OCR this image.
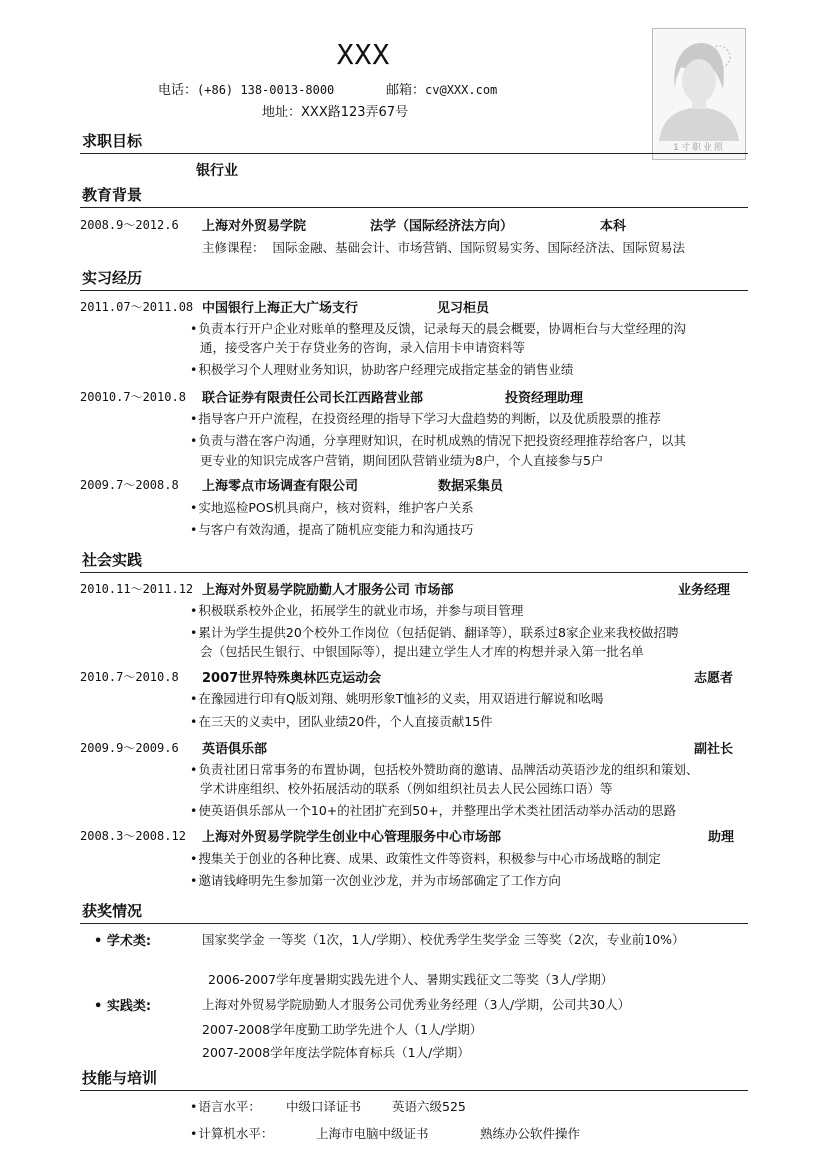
XXX
电话：(+86) 138-0013-8000	邮箱：cv@XXX.com
地址：XXX路123弄67号
1寸职业照
求职目标
银行业
教育背景
2008.9～2012.6 上海对外贸易学院	法学（国际经济法方向）	本科
主修课程： 国际金融、基础会计、市场营销、国际贸易实务、国际经济法、国际贸易法
实习经历
2011.07～2011.08 中国银行上海正大广场支行	见习柜员
• 负责本行开户企业对账单的整理及反馈，记录每天的晨会概要，协调柜台与大堂经理的沟
通，接受客户关于存贷业务的咨询，录入信用卡申请资料等
• 积极学习个人理财业务知识，协助客户经理完成指定基金的销售业绩
20010.7～2010.8 联合证券有限责任公司长江西路营业部	投资经理助理
• 指导客户开户流程，在投资经理的指导下学习大盘趋势的判断，以及优质股票的推荐
• 负责与潜在客户沟通，分享理财知识，在时机成熟的情况下把投资经理推荐给客户，以其
更专业的知识完成客户营销，期间团队营销业绩为8户，个人直接参与5户
2009.7～2008.8 上海零点市场调查有限公司	数据采集员
• 实地巡检POS机具商户，核对资料，维护客户关系
• 与客户有效沟通，提高了随机应变能力和沟通技巧
社会实践
2010.11～2011.12 上海对外贸易学院励勤人才服务公司 市场部	业务经理
• 积极联系校外企业，拓展学生的就业市场，并参与项目管理
• 累计为学生提供20个校外工作岗位（包括促销、翻译等），联系过8家企业来我校做招聘
会（包括民生银行、中银国际等），提出建立学生人才库的构想并录入第一批名单
2010.7～2010.8 2007世界特殊奥林匹克运动会	志愿者
• 在豫园进行印有Q版刘翔、姚明形象T恤衫的义卖，用双语进行解说和吆喝
• 在三天的义卖中，团队业绩20件，个人直接贡献15件
2009.9～2009.6 英语俱乐部	副社长
• 负责社团日常事务的布置协调，包括校外赞助商的邀请、品牌活动英语沙龙的组织和策划、
学术讲座组织、校外拓展活动的联系（例如组织社员去人民公园练口语）等
• 使英语俱乐部从一个10+的社团扩充到50+，并整理出学术类社团活动举办活动的思路
2008.3～2008.12 上海对外贸易学院学生创业中心管理服务中心市场部	助理
• 搜集关于创业的各种比赛、成果、政策性文件等资料，积极参与中心市场战略的制定
• 邀请钱峰明先生参加第一次创业沙龙，并为市场部确定了工作方向
获奖情况
• 学术类:	国家奖学金 一等奖（1次，1人/学期）、校优秀学生奖学金 三等奖（2次，专业前10%）
2006-2007学年度暑期实践先进个人、暑期实践征文二等奖（3人/学期）
• 实践类:	上海对外贸易学院励勤人才服务公司优秀业务经理（3人/学期，公司共30人）
2007-2008学年度勤工助学先进个人（1人/学期）
2007-2008学年度法学院体育标兵（1人/学期）
技能与培训
• 语言水平： 中级口译证书 英语六级525
• 计算机水平：	上海市电脑中级证书	熟练办公软件操作
